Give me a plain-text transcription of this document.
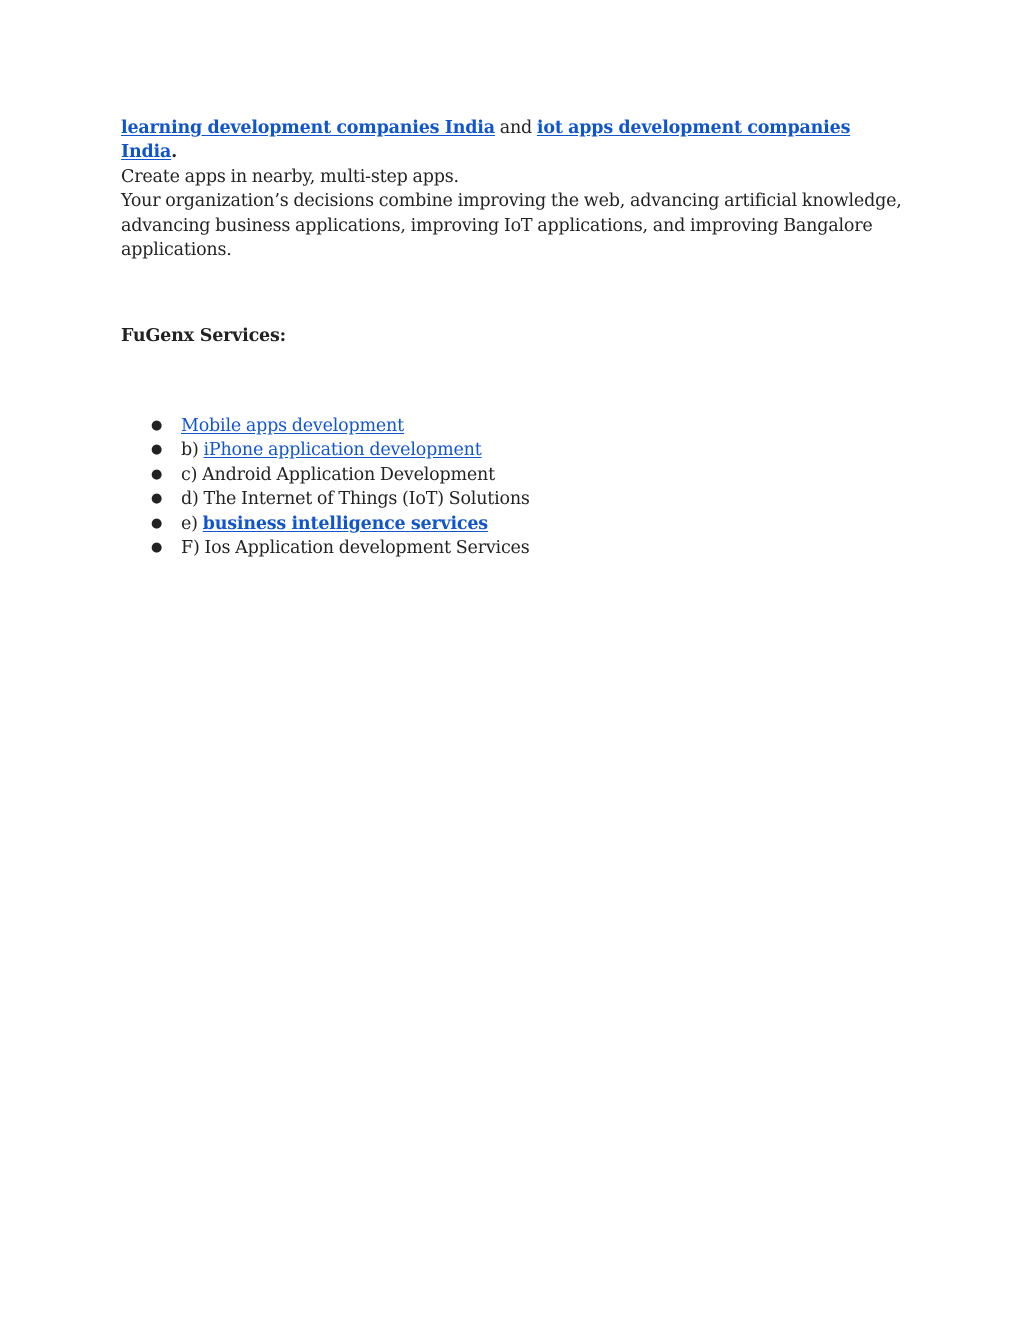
learning development companies India and iot apps development companies India.

Create apps in nearby, multi-step apps.

Your organization’s decisions combine improving the web, advancing artificial knowledge, advancing business applications, improving IoT applications, and improving Bangalore applications.

FuGenx Services:
● Mobile apps development
● b) iPhone application development
● c) Android Application Development
● d) The Internet of Things (IoT) Solutions
● e) business intelligence services
● F) Ios Application development Services
